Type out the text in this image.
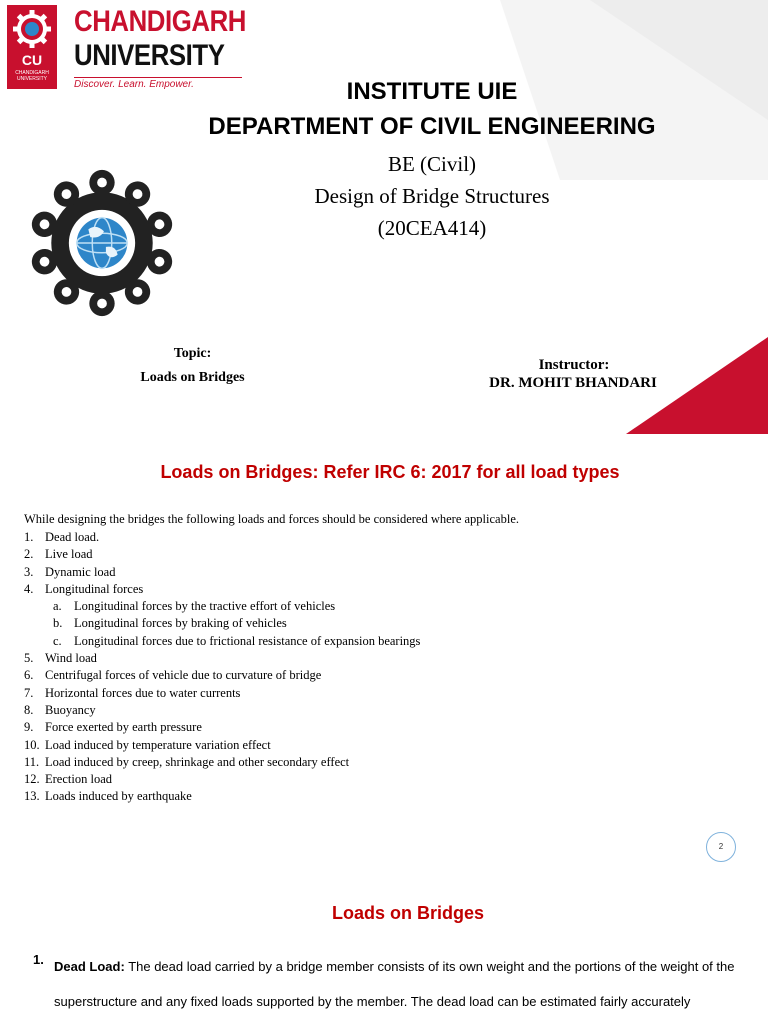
CU
CHANDIGARH UNIVERSITY
CHANDIGARH
UNIVERSITY
Discover. Learn. Empower.	INSTITUTE UIE
DEPARTMENT OF CIVIL ENGINEERING
BE (Civil)
Design of Bridge Structures
(20CEA414)
Topic:
Loads on Bridges
Instructor:
DR. MOHIT BHANDARI
Loads on Bridges: Refer IRC 6: 2017 for all load types
While designing the bridges the following loads and forces should be considered where applicable.
1. Dead load.
2. Live load
3. Dynamic load
4. Longitudinal forces
a. Longitudinal forces by the tractive effort of vehicles
b. Longitudinal forces by braking of vehicles
c. Longitudinal forces due to frictional resistance of expansion bearings
5. Wind load
6. Centrifugal forces of vehicle due to curvature of bridge
7. Horizontal forces due to water currents
8. Buoyancy
9. Force exerted by earth pressure
10. Load induced by temperature variation effect
11. Load induced by creep, shrinkage and other secondary effect
12. Erection load
13. Loads induced by earthquake
2
Loads on Bridges
1. Dead Load: The dead load carried by a bridge member consists of its own weight and the portions of the weight of the superstructure and any fixed loads supported by the member. The dead load can be estimated fairly accurately
